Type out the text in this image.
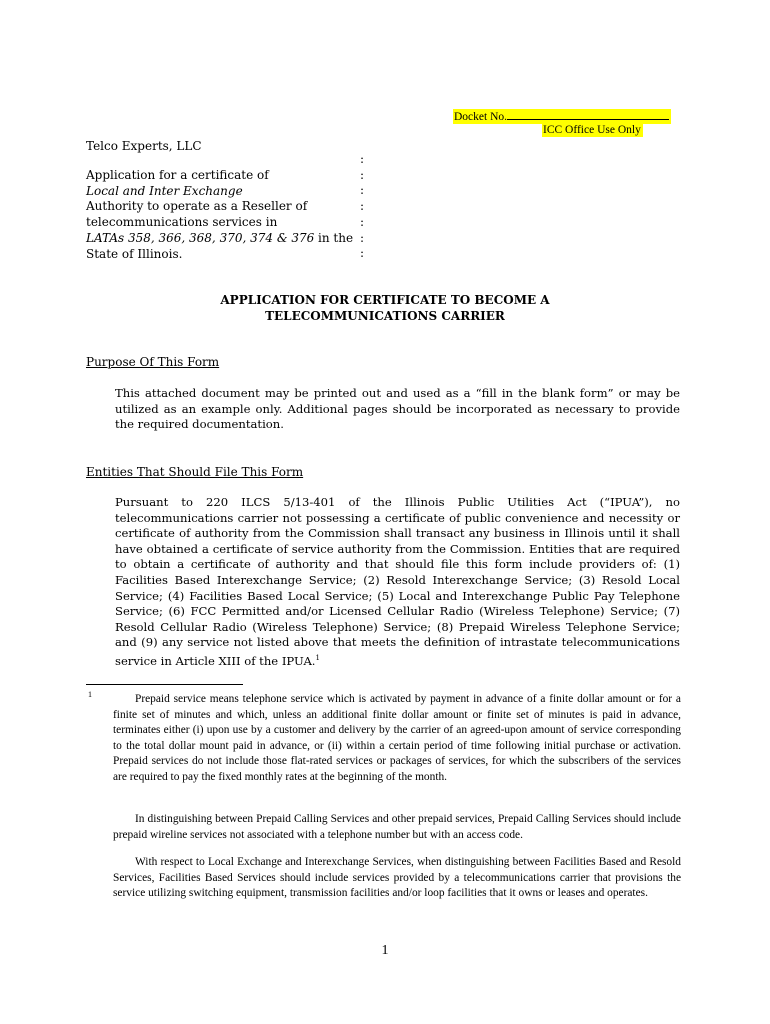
Docket No.
ICC Office Use Only
Telco Experts, LLC
Application for a certificate of
Local and Inter Exchange
Authority to operate as a Reseller of
telecommunications services in
LATAs 358, 366, 368, 370, 374 & 376 in the
State of Illinois.
:
:
:
:
:
:
:
APPLICATION FOR CERTIFICATE TO BECOME A
TELECOMMUNICATIONS CARRIER
Purpose Of This Form
This attached document may be printed out and used as a “fill in the blank form” or may be utilized as an example only. Additional pages should be incorporated as necessary to provide the required documentation.
Entities That Should File This Form
Pursuant to 220 ILCS 5/13-401 of the Illinois Public Utilities Act (“IPUA”), no telecommunications carrier not possessing a certificate of public convenience and necessity or certificate of authority from the Commission shall transact any business in Illinois until it shall have obtained a certificate of service authority from the Commission. Entities that are required to obtain a certificate of authority and that should file this form include providers of: (1) Facilities Based Interexchange Service; (2) Resold Interexchange Service; (3) Resold Local Service; (4) Facilities Based Local Service; (5) Local and Interexchange Public Pay Telephone Service; (6) FCC Permitted and/or Licensed Cellular Radio (Wireless Telephone) Service; (7) Resold Cellular Radio (Wireless Telephone) Service; (8) Prepaid Wireless Telephone Service; and (9) any service not listed above that meets the definition of intrastate telecommunications service in Article XIII of the IPUA.$^1$
1	Prepaid service means telephone service which is activated by payment in advance of a finite dollar amount or for a finite set of minutes and which, unless an additional finite dollar amount or finite set of minutes is paid in advance, terminates either (i) upon use by a customer and delivery by the carrier of an agreed-upon amount of service corresponding to the total dollar mount paid in advance, or (ii) within a certain period of time following initial purchase or activation. Prepaid services do not include those flat-rated services or packages of services, for which the subscribers of the services are required to pay the fixed monthly rates at the beginning of the month.
In distinguishing between Prepaid Calling Services and other prepaid services, Prepaid Calling Services should include prepaid wireline services not associated with a telephone number but with an access code.
With respect to Local Exchange and Interexchange Services, when distinguishing between Facilities Based and Resold Services, Facilities Based Services should include services provided by a telecommunications carrier that provisions the service utilizing switching equipment, transmission facilities and/or loop facilities that it owns or leases and operates.
1
